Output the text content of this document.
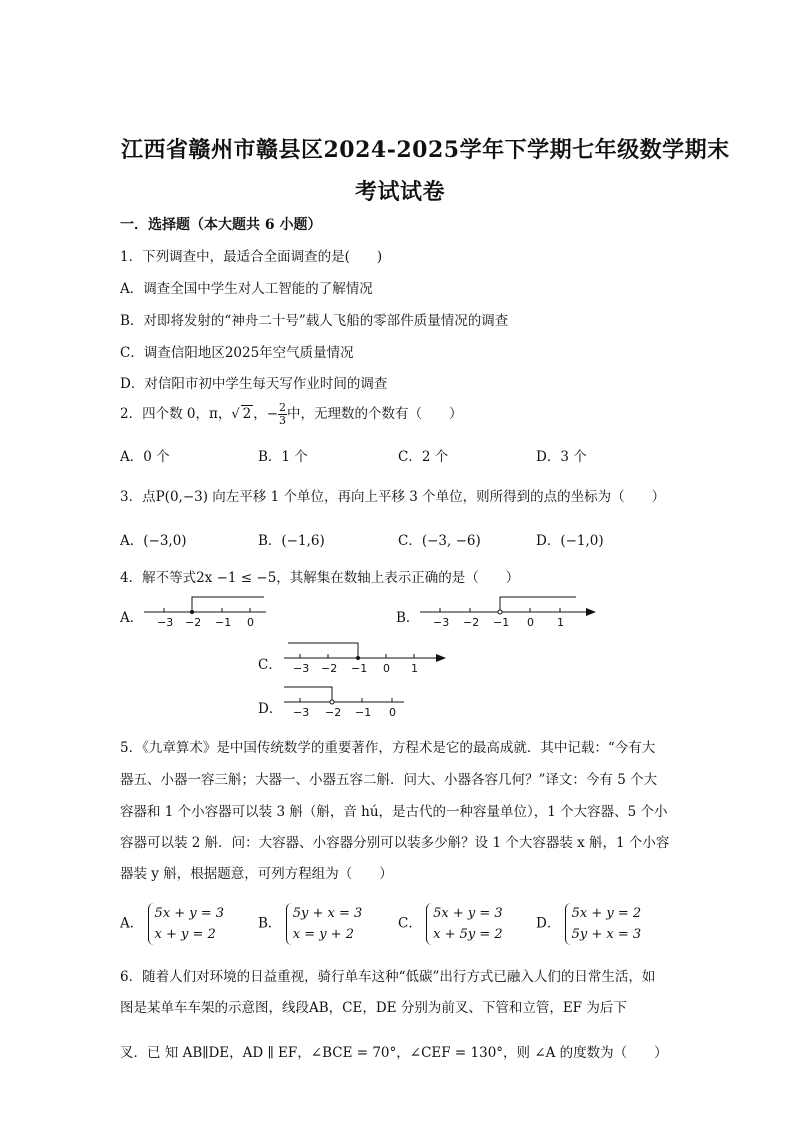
江西省赣州市赣县区2024-2025学年下学期七年级数学期末
考试试卷
一．选择题（本大题共 6 小题）
1．下列调查中，最适合全面调查的是(　　)
A．调查全国中学生对人工智能的了解情况
B．对即将发射的“神舟二十号”载人飞船的零部件质量情况的调查
C．调查信阳地区2025年空气质量情况
D．对信阳市初中学生每天写作业时间的调查
2．四个数 0，π，√ 2 ，− $\frac{2}{3}$ 中，无理数的个数有（　　）
A．0 个	B．1 个	C．2 个	D．3 个
3．点P(0,−3) 向左平移 1 个单位，再向上平移 3 个单位，则所得到的点的坐标为（　　）
A．(−3,0)	B．(−1,6)	C．(−3, −6)	D．(−1,0)
4．解不等式2x −1 ≤ −5，其解集在数轴上表示正确的是（　　）
A． −3 −2 −1 0	B． −3 −2 −1 0 1
C． −3 −2 −1 0 1
D． −3 −2 −1 0
5．《九章算术》是中国传统数学的重要著作，方程术是它的最高成就．其中记载：“今有大
器五、小器一容三斛；大器一、小器五容二斛．问大、小器各容几何？”译文：今有 5 个大
容器和 1 个小容器可以装 3 斛（斛，音 hú，是古代的一种容量单位），1 个大容器、5 个小
容器可以装 2 斛．问：大容器、小容器分别可以装多少斛？设 1 个大容器装 x 斛，1 个小容
器装 y 斛，根据题意，可列方程组为（　　）
A． 5x + y = 3
x + y = 2
B． 5y + x = 3
x = y + 2
C． 5x + y = 3
x + 5y = 2
D． 5x + y = 2
5y + x = 3
6．随着人们对环境的日益重视，骑行单车这种“低碳”出行方式已融入人们的日常生活，如
图是某单车车架的示意图，线段AB，CE，DE 分别为前叉、下管和立管，EF 为后下
叉．已 知 AB∥DE，AD ∥ EF，∠BCE = 70°，∠CEF = 130°，则 ∠A 的度数为（　　）
